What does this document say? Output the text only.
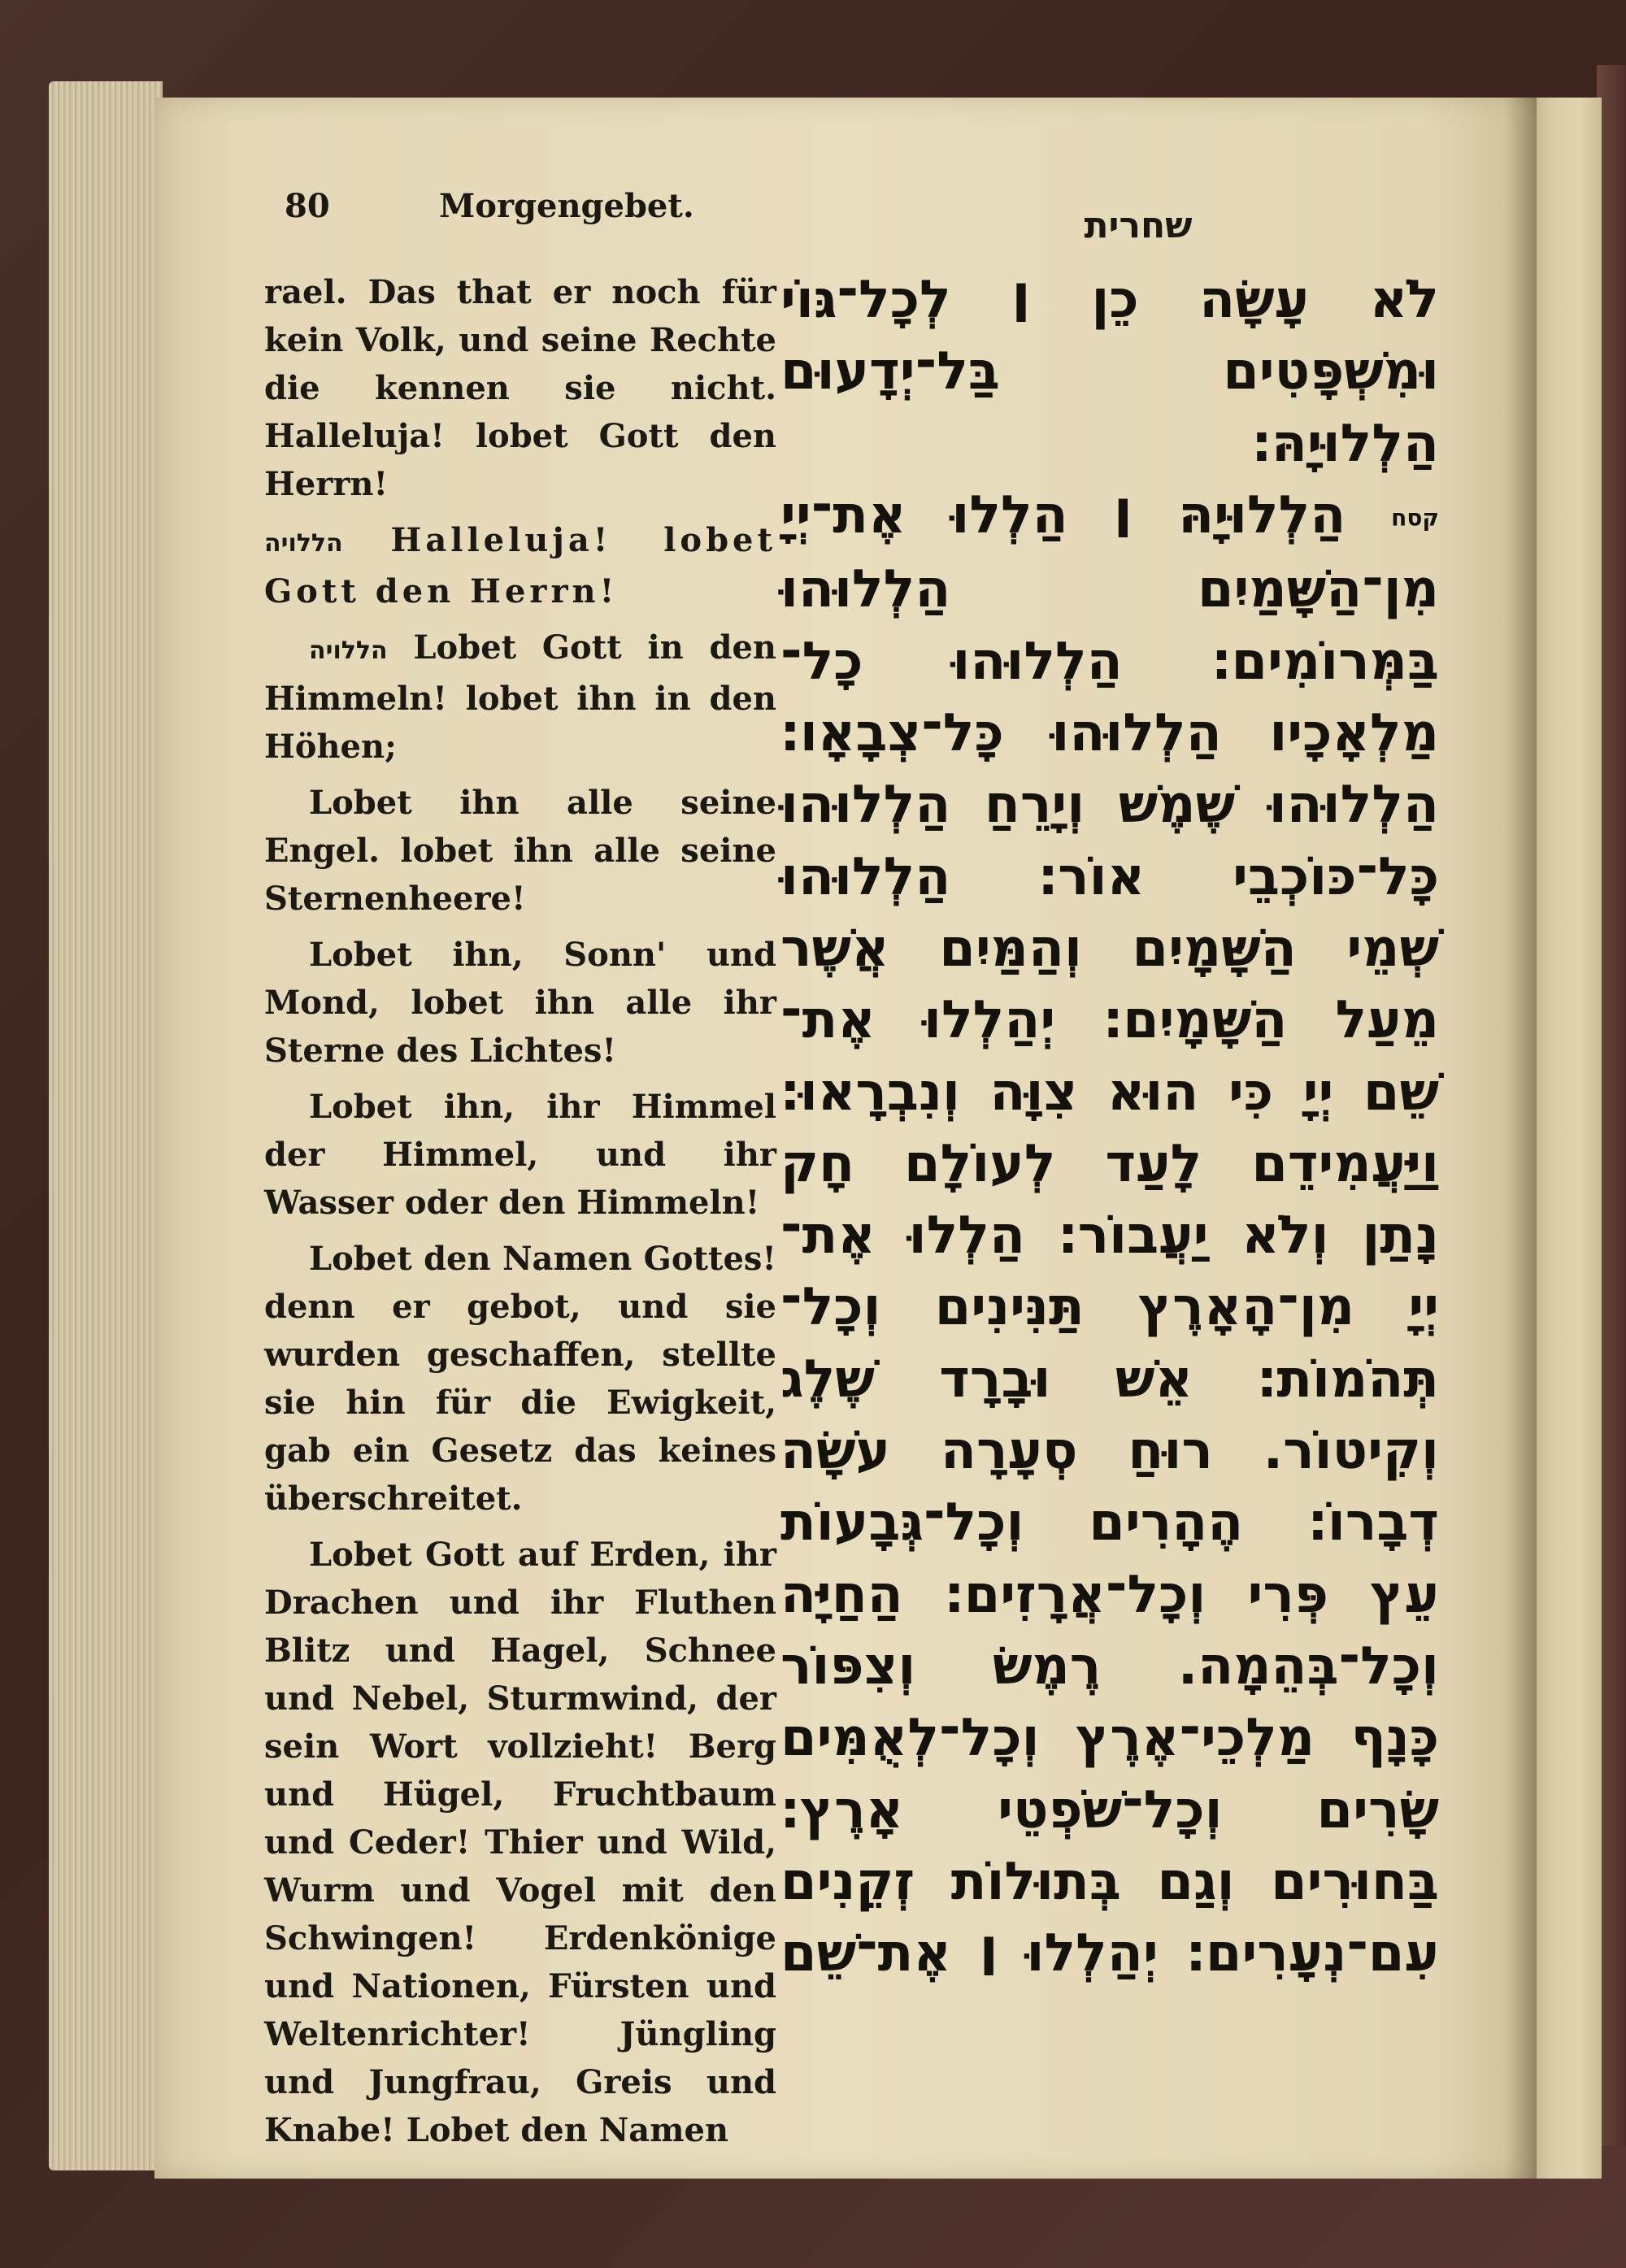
80	Morgengebet.	שחרית

rael. Das that er noch für kein Volk, und seine Rechte die kennen sie nicht. Halleluja! lobet Gott den Herrn!

הללויה Halleluja! lobet Gott den Herrn!

הללויה Lobet Gott in den Himmeln! lobet ihn in den Höhen;

Lobet ihn alle seine Engel. lobet ihn alle seine Sternenheere!

Lobet ihn, Sonn' und Mond, lobet ihn alle ihr Sterne des Lichtes!

Lobet ihn, ihr Himmel der Himmel, und ihr Wasser oder den Himmeln!

Lobet den Namen Gottes! denn er gebot, und sie wurden geschaffen, stellte sie hin für die Ewigkeit, gab ein Gesetz das keines überschreitet.

Lobet Gott auf Erden, ihr Drachen und ihr Fluthen Blitz und Hagel, Schnee und Nebel, Sturmwind, der sein Wort vollzieht! Berg und Hügel, Fruchtbaum und Ceder! Thier und Wild, Wurm und Vogel mit den Schwingen! Erdenkönige und Nationen, Fürsten und Weltenrichter! Jüngling und Jungfrau, Greis und Knabe! Lobet den Namen

לֹא עָשָׂה כֵן ׀ לְכָל־גּוֹי
וּמִשְׁפָּטִים בַּל־יְדָעוּם
הַלְלוּיָהּ׃
קסח הַלְלוּיָהּ ׀ הַלְלוּ אֶת־יְיָ
מִן־הַשָּׁמַיִם הַלְלוּהוּ
בַּמְּרוֹמִים׃ הַלְלוּהוּ כָל־
מַלְאָכָיו הַלְלוּהוּ כָּל־צְבָאָו׃
הַלְלוּהוּ שֶׁמֶשׁ וְיָרֵחַ הַלְלוּהוּ
כָּל־כּוֹכְבֵי אוֹר׃ הַלְלוּהוּ
שְׁמֵי הַשָּׁמָיִם וְהַמַּיִם אֲשֶׁר
מֵעַל הַשָּׁמָיִם׃ יְהַלְלוּ אֶת־
שֵׁם יְיָ כִּי הוּא צִוָּה וְנִבְרָאוּ׃
וַיַּעֲמִידֵם לָעַד לְעוֹלָם חָק
נָתַן וְלֹא יַעֲבוֹר׃ הַלְלוּ אֶת־
יְיָ מִן־הָאָרֶץ תַּנִּינִים וְכָל־
תְּהֹמוֹת׃ אֵשׁ וּבָרָד שֶׁלֶג
וְקִיטוֹר. רוּחַ סְעָרָה עֹשָׂה
דְבָרוֹ׃ הֶהָרִים וְכָל־גְּבָעוֹת
עֵץ פְּרִי וְכָל־אֲרָזִים׃ הַחַיָּה
וְכָל־בְּהֵמָה. רֶמֶשׂ וְצִפּוֹר
כָּנָף מַלְכֵי־אֶרֶץ וְכָל־לְאֻמִּים
שָׂרִים וְכָל־שֹׁפְטֵי אָרֶץ׃
בַּחוּרִים וְגַם בְּתוּלוֹת זְקֵנִים
עִם־נְעָרִים׃ יְהַלְלוּ ׀ אֶת־שֵׁם
